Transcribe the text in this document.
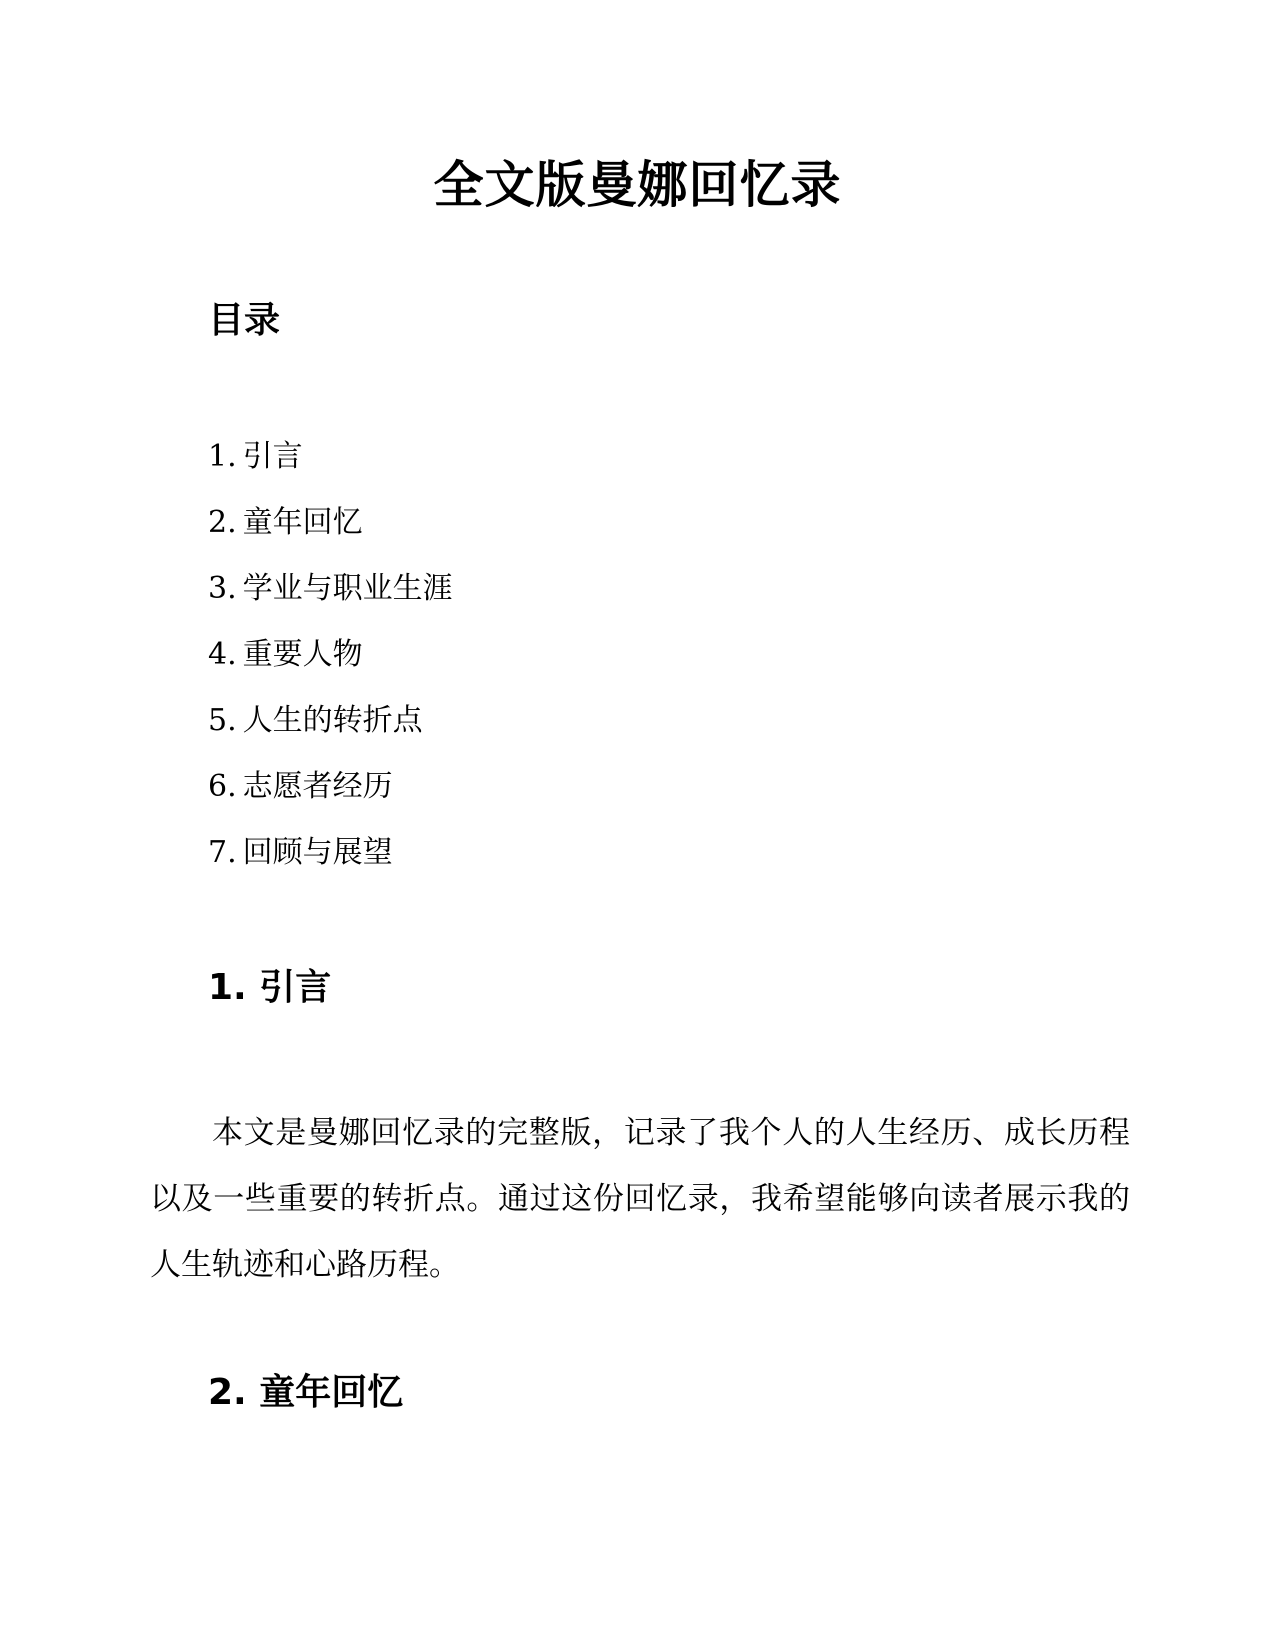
全文版曼娜回忆录
目录
1. 引言
2. 童年回忆
3. 学业与职业生涯
4. 重要人物
5. 人生的转折点
6. 志愿者经历
7. 回顾与展望
1. 引言

本文是曼娜回忆录的完整版，记录了我个人的人生经历、成长历程以及一些重要的转折点。通过这份回忆录，我希望能够向读者展示我的人生轨迹和心路历程。

2. 童年回忆
